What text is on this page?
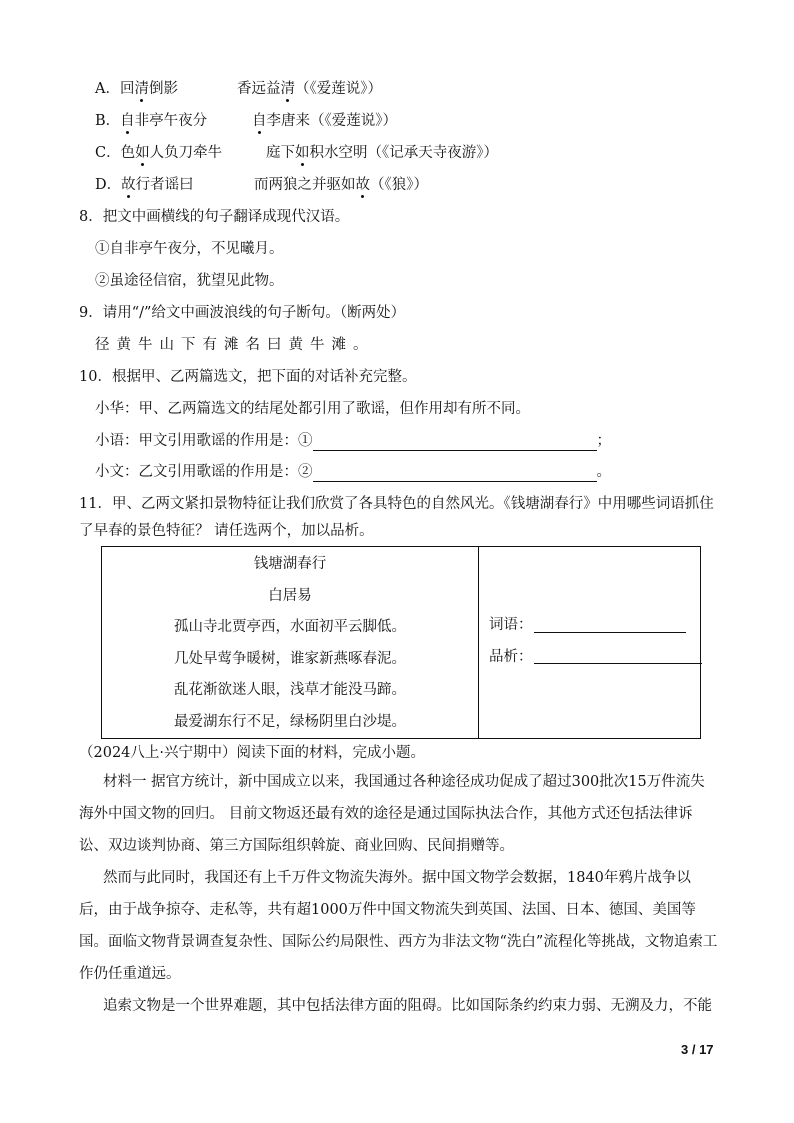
A．回清倒影	香远益清（《爱莲说》）
B．自非亭午夜分	自李唐来（《爱莲说》）
C．色如人负刀牵牛	庭下如积水空明（《记承天寺夜游》）
D．故行者谣曰	而两狼之并驱如故（《狼》）
8．把文中画横线的句子翻译成现代汉语。
①自非亭午夜分，不见曦月。
②虽途径信宿，犹望见此物。
9．请用“/”给文中画波浪线的句子断句。（断两处）
径黄牛山下有滩名曰黄牛滩。
10．根据甲、乙两篇选文，把下面的对话补充完整。
小华：甲、乙两篇选文的结尾处都引用了歌谣，但作用却有所不同。
小语：甲文引用歌谣的作用是：①	；
小文：乙文引用歌谣的作用是：②	。
11．甲、乙两文紧扣景物特征让我们欣赏了各具特色的自然风光。《钱塘湖春行》中用哪些词语抓住
了早春的景色特征？ 请任选两个，加以品析。
钱塘湖春行
白居易
孤山寺北贾亭西，水面初平云脚低。
几处早莺争暖树，谁家新燕啄春泥。
乱花渐欲迷人眼，浅草才能没马蹄。
最爱湖东行不足，绿杨阴里白沙堤。

词语：
品析：
（2024八上·兴宁期中）阅读下面的材料，完成小题。
材料一 据官方统计，新中国成立以来，我国通过各种途径成功促成了超过300批次15万件流失海外中国文物的回归。 目前文物返还最有效的途径是通过国际执法合作，其他方式还包括法律诉讼、双边谈判协商、第三方国际组织斡旋、商业回购、民间捐赠等。
然而与此同时，我国还有上千万件文物流失海外。据中国文物学会数据，1840年鸦片战争以后，由于战争掠夺、走私等，共有超1000万件中国文物流失到英国、法国、日本、德国、美国等国。面临文物背景调查复杂性、国际公约局限性、西方为非法文物“洗白”流程化等挑战，文物追索工作仍任重道远。
追索文物是一个世界难题，其中包括法律方面的阻碍。比如国际条约约束力弱、无溯及力，不能
3 / 17
